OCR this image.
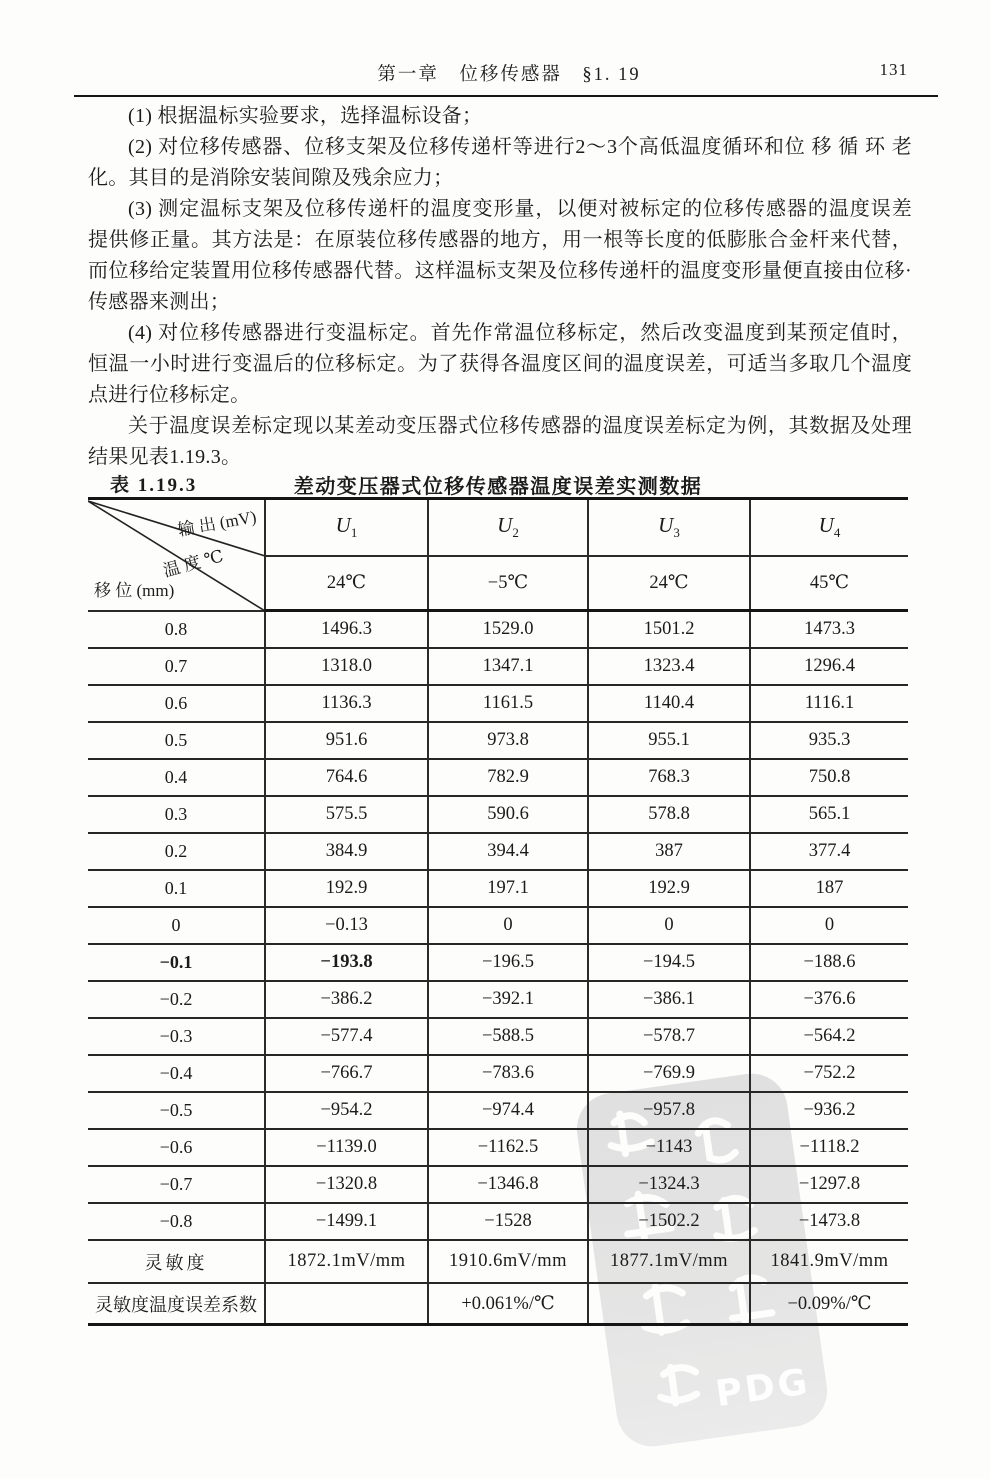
第一章　位移传感器　§1. 19	131
(1) 根据温标实验要求，选择温标设备；
(2) 对位移传感器、位移支架及位移传递杆等进行2～3个高低温度循环和位 移 循 环 老
化。其目的是消除安装间隙及残余应力；
(3) 测定温标支架及位移传递杆的温度变形量，以便对被标定的位移传感器的温度误差
提供修正量。其方法是：在原装位移传感器的地方，用一根等长度的低膨胀合金杆来代替，
而位移给定装置用位移传感器代替。这样温标支架及位移传递杆的温度变形量便直接由位移·
传感器来测出；
(4) 对位移传感器进行变温标定。首先作常温位移标定，然后改变温度到某预定值时，
恒温一小时进行变温后的位移标定。为了获得各温度区间的温度误差，可适当多取几个温度
点进行位移标定。
关于温度误差标定现以某差动变压器式位移传感器的温度误差标定为例，其数据及处理
结果见表1.19.3。
PDG
表 1.19.3	差动变压器式位移传感器温度误差实测数据
输 出 (mV)
温 度 ℃
移 位 (mm)	$U_1$	$U_2$	$U_3$	$U_4$
	24℃	−5℃	24℃	45℃
0.8	1496.3	1529.0	1501.2	1473.3
0.7	1318.0	1347.1	1323.4	1296.4
0.6	1136.3	1161.5	1140.4	1116.1
0.5	951.6	973.8	955.1	935.3
0.4	764.6	782.9	768.3	750.8
0.3	575.5	590.6	578.8	565.1
0.2	384.9	394.4	387	377.4
0.1	192.9	197.1	192.9	187
0	−0.13	0	0	0
−0.1	−193.8	−196.5	−194.5	−188.6
−0.2	−386.2	−392.1	−386.1	−376.6
−0.3	−577.4	−588.5	−578.7	−564.2
−0.4	−766.7	−783.6	−769.9	−752.2
−0.5	−954.2	−974.4	−957.8	−936.2
−0.6	−1139.0	−1162.5	−1143	−1118.2
−0.7	−1320.8	−1346.8	−1324.3	−1297.8
−0.8	−1499.1	−1528	−1502.2	−1473.8
灵敏度	1872.1mV/mm	1910.6mV/mm	1877.1mV/mm	1841.9mV/mm
灵敏度温度误差系数		+0.061%/℃		−0.09%/℃
